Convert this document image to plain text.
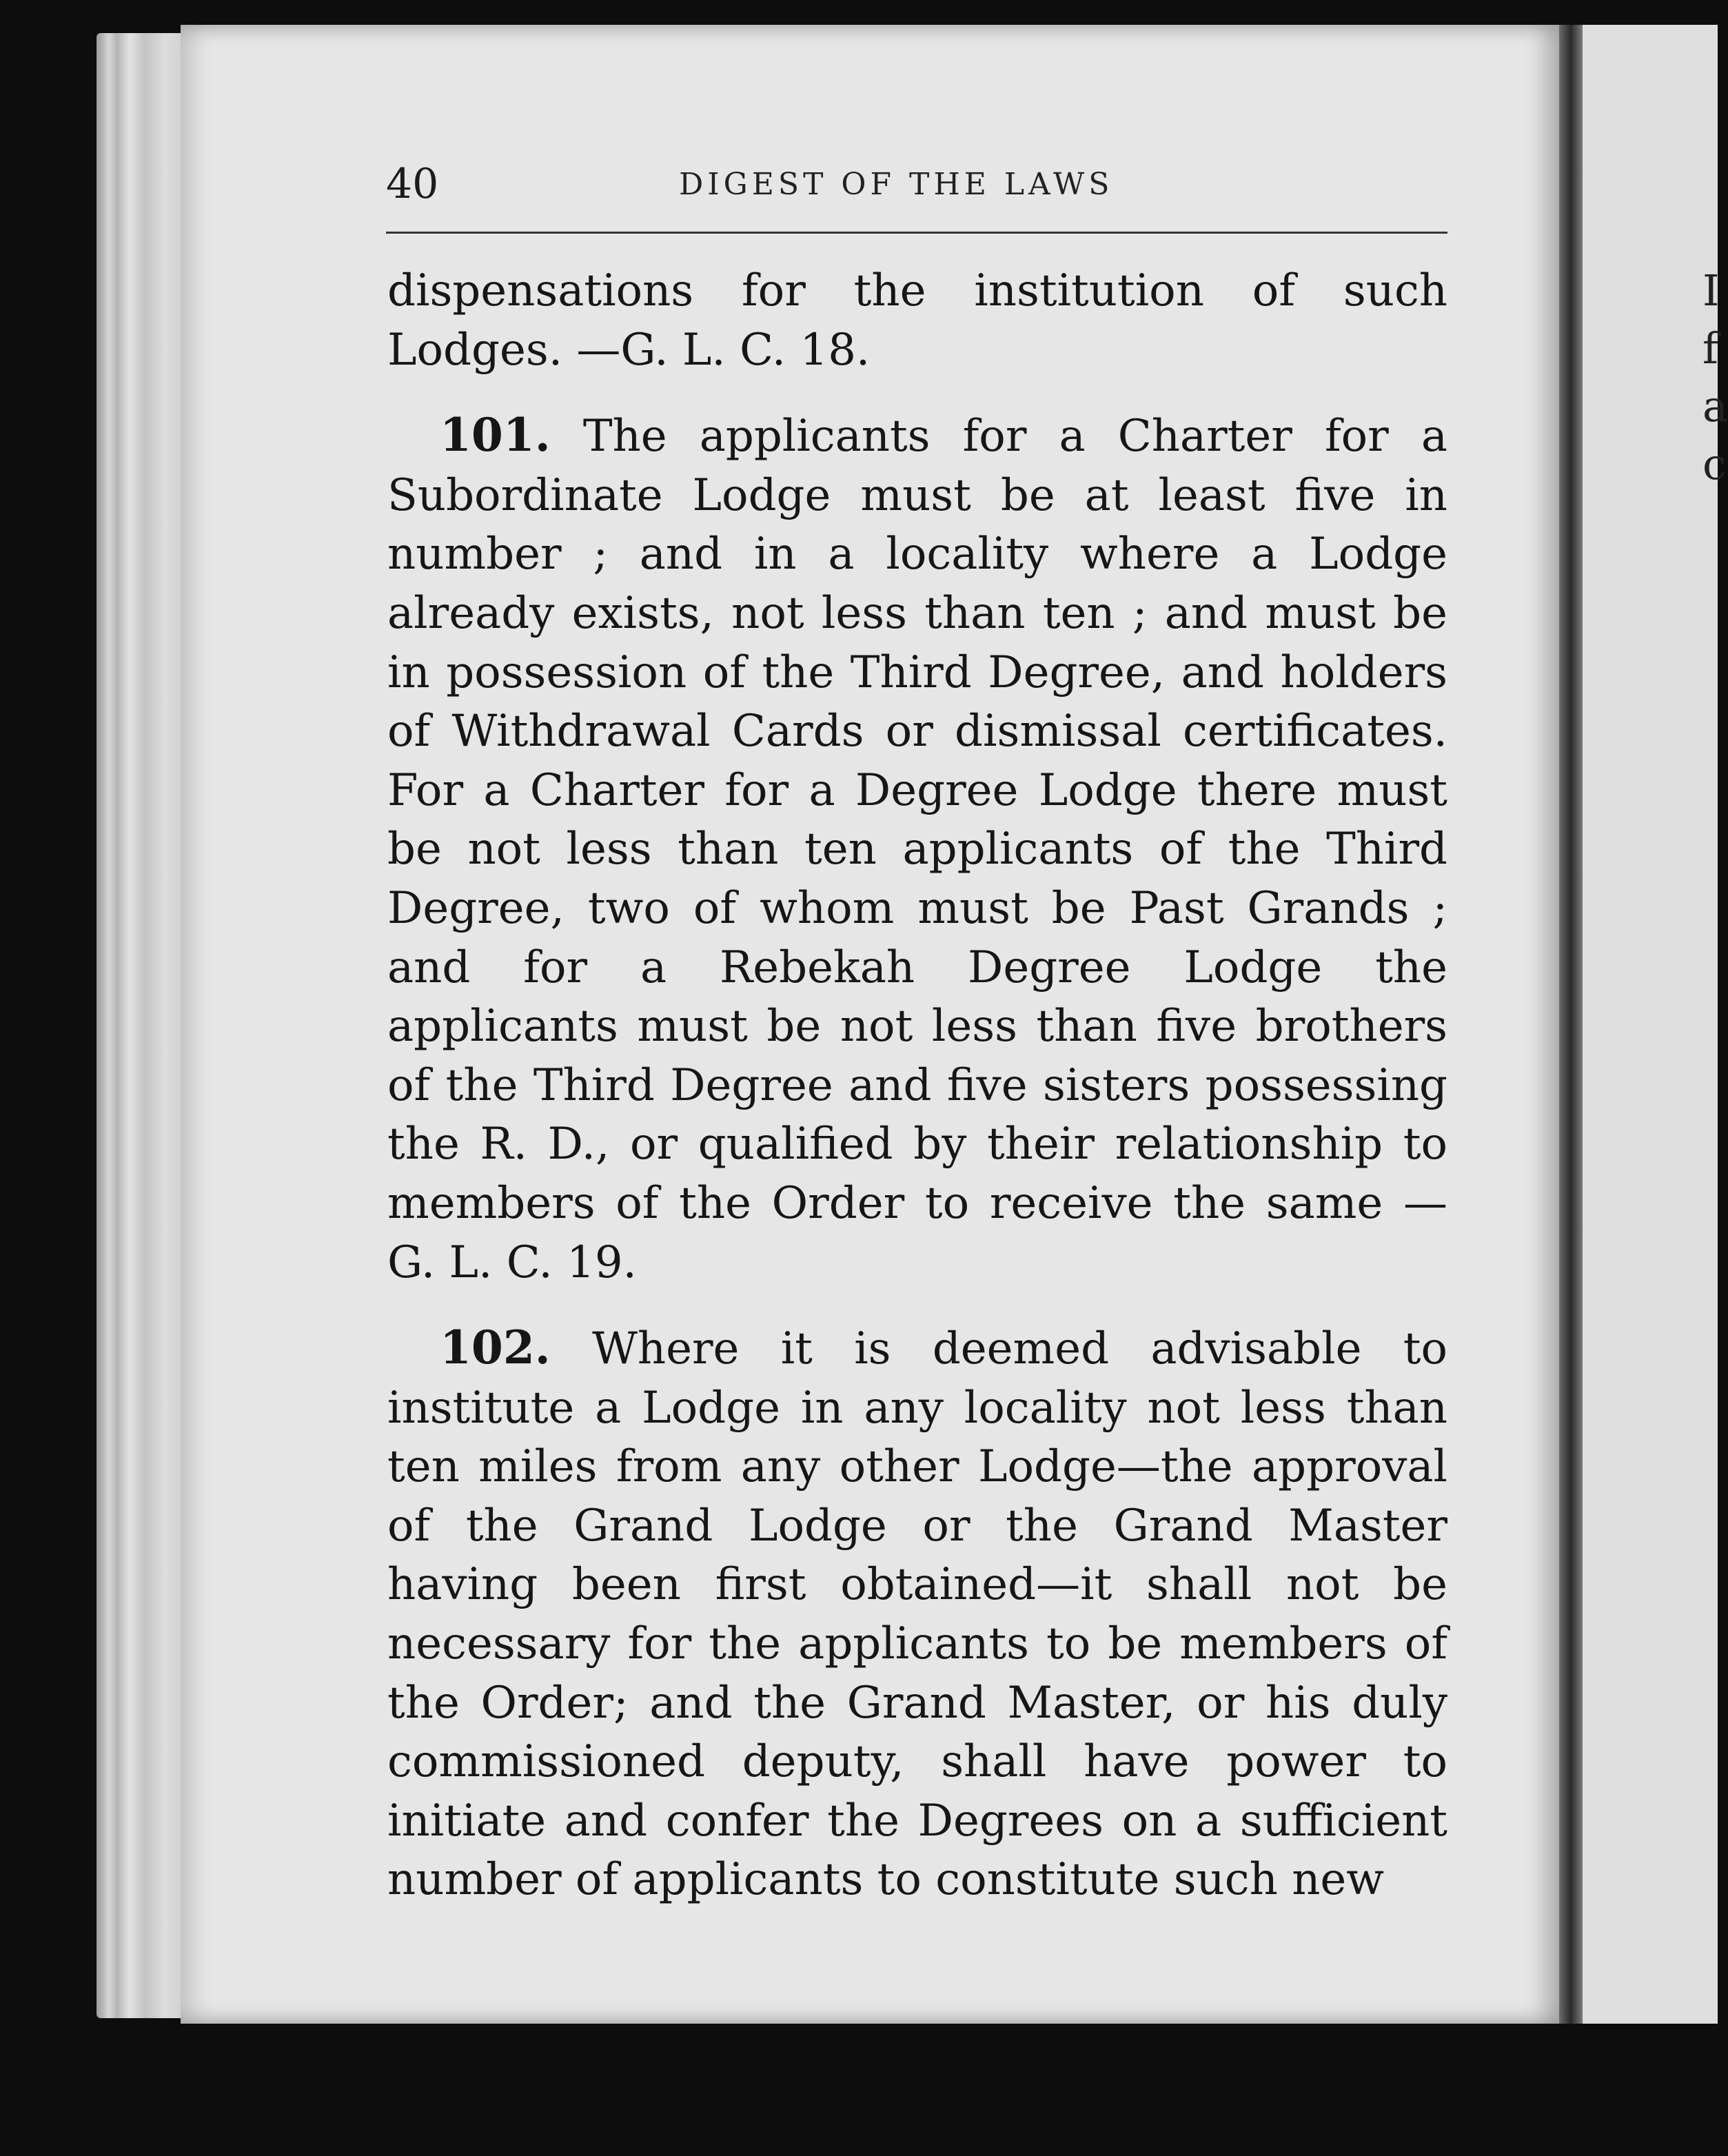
I f a c
40	DIGEST OF THE LAWS

dispensations for the institution of such Lodges. —G. L. C. 18.

101. The applicants for a Charter for a Subordinate Lodge must be at least five in number ; and in a locality where a Lodge already exists, not less than ten ; and must be in possession of the Third Degree, and holders of Withdrawal Cards or dismissal certificates. For a Charter for a Degree Lodge there must be not less than ten applicants of the Third Degree, two of whom must be Past Grands ; and for a Rebekah Degree Lodge the applicants must be not less than five brothers of the Third Degree and five sisters possessing the R. D., or qualified by their relationship to members of the Order to receive the same — G. L. C. 19.

102. Where it is deemed advisable to institute a Lodge in any locality not less than ten miles from any other Lodge—the approval of the Grand Lodge or the Grand Master having been first obtained—it shall not be necessary for the applicants to be members of the Order; and the Grand Master, or his duly commissioned deputy, shall have power to initiate and confer the Degrees on a sufficient number of applicants to constitute such new
